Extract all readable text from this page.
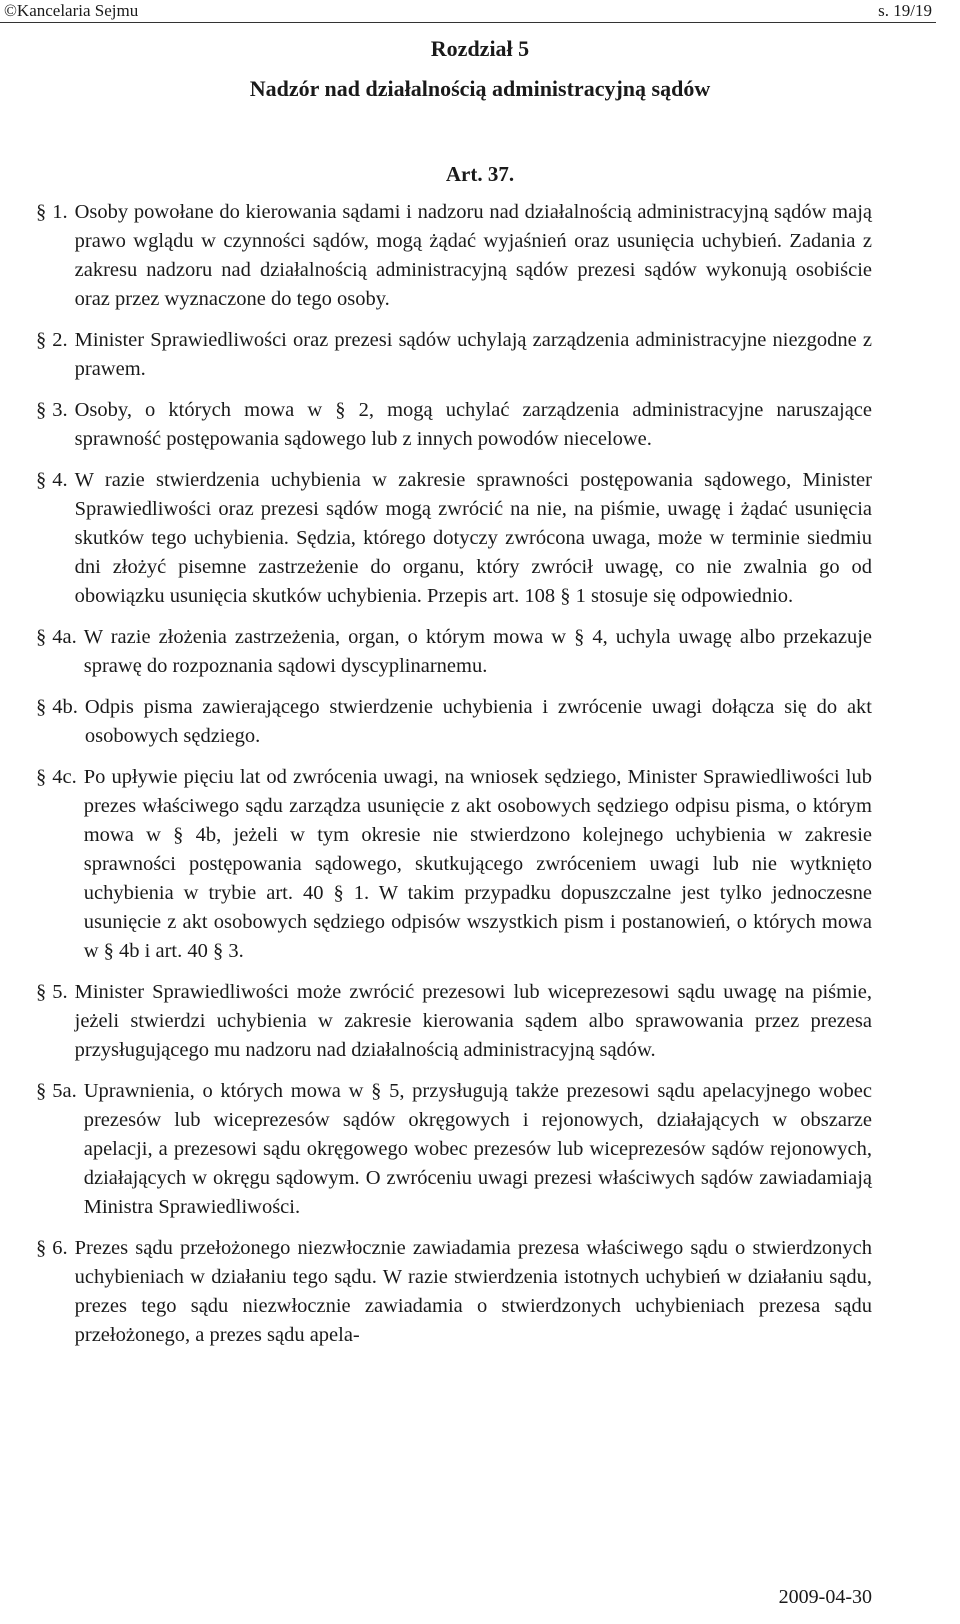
©Kancelaria Sejmu	s. 19/19
Rozdział 5
Nadzór nad działalnością administracyjną sądów
Art. 37.
§ 1. Osoby powołane do kierowania sądami i nadzoru nad działalnością administracyjną sądów mają prawo wglądu w czynności sądów, mogą żądać wyjaśnień oraz usunięcia uchybień. Zadania z zakresu nadzoru nad działalnością administracyjną sądów prezesi sądów wykonują osobiście oraz przez wyznaczone do tego osoby.
§ 2. Minister Sprawiedliwości oraz prezesi sądów uchylają zarządzenia administracyjne niezgodne z prawem.
§ 3. Osoby, o których mowa w § 2, mogą uchylać zarządzenia administracyjne naruszające sprawność postępowania sądowego lub z innych powodów niecelowe.
§ 4. W razie stwierdzenia uchybienia w zakresie sprawności postępowania sądowego, Minister Sprawiedliwości oraz prezesi sądów mogą zwrócić na nie, na piśmie, uwagę i żądać usunięcia skutków tego uchybienia. Sędzia, którego dotyczy zwrócona uwaga, może w terminie siedmiu dni złożyć pisemne zastrzeżenie do organu, który zwrócił uwagę, co nie zwalnia go od obowiązku usunięcia skutków uchybienia. Przepis art. 108 § 1 stosuje się odpowiednio.
§ 4a. W razie złożenia zastrzeżenia, organ, o którym mowa w § 4, uchyla uwagę albo przekazuje sprawę do rozpoznania sądowi dyscyplinarnemu.
§ 4b. Odpis pisma zawierającego stwierdzenie uchybienia i zwrócenie uwagi dołącza się do akt osobowych sędziego.
§ 4c. Po upływie pięciu lat od zwrócenia uwagi, na wniosek sędziego, Minister Sprawiedliwości lub prezes właściwego sądu zarządza usunięcie z akt osobowych sędziego odpisu pisma, o którym mowa w § 4b, jeżeli w tym okresie nie stwierdzono kolejnego uchybienia w zakresie sprawności postępowania sądowego, skutkującego zwróceniem uwagi lub nie wytknięto uchybienia w trybie art. 40 § 1. W takim przypadku dopuszczalne jest tylko jednoczesne usunięcie z akt osobowych sędziego odpisów wszystkich pism i postanowień, o których mowa w § 4b i art. 40 § 3.
§ 5. Minister Sprawiedliwości może zwrócić prezesowi lub wiceprezesowi sądu uwagę na piśmie, jeżeli stwierdzi uchybienia w zakresie kierowania sądem albo sprawowania przez prezesa przysługującego mu nadzoru nad działalnością administracyjną sądów.
§ 5a. Uprawnienia, o których mowa w § 5, przysługują także prezesowi sądu apelacyjnego wobec prezesów lub wiceprezesów sądów okręgowych i rejonowych, działających w obszarze apelacji, a prezesowi sądu okręgowego wobec prezesów lub wiceprezesów sądów rejonowych, działających w okręgu sądowym. O zwróceniu uwagi prezesi właściwych sądów zawiadamiają Ministra Sprawiedliwości.
§ 6. Prezes sądu przełożonego niezwłocznie zawiadamia prezesa właściwego sądu o stwierdzonych uchybieniach w działaniu tego sądu. W razie stwierdzenia istotnych uchybień w działaniu sądu, prezes tego sądu niezwłocznie zawiadamia o stwierdzonych uchybieniach prezesa sądu przełożonego, a prezes sądu apela-
2009-04-30
